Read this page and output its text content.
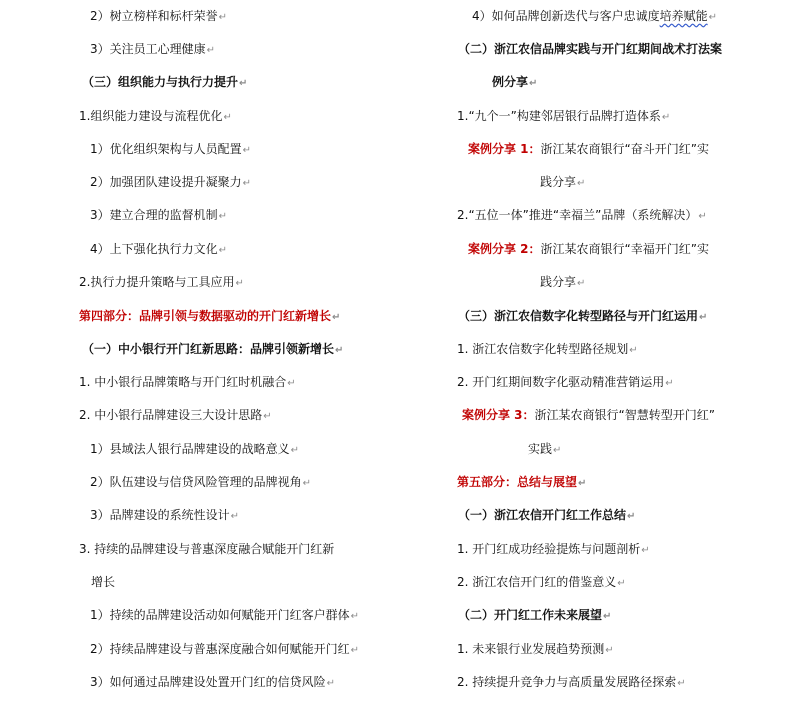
2）树立榜样和标杆荣誉↵
3）关注员工心理健康↵
（三）组织能力与执行力提升↵
1.组织能力建设与流程优化↵
1）优化组织架构与人员配置↵
2）加强团队建设提升凝聚力↵
3）建立合理的监督机制↵
4）上下强化执行力文化↵
2.执行力提升策略与工具应用↵
第四部分：品牌引领与数据驱动的开门红新增长↵
（一）中小银行开门红新思路：品牌引领新增长↵
1. 中小银行品牌策略与开门红时机融合↵
2. 中小银行品牌建设三大设计思路↵
1）县域法人银行品牌建设的战略意义↵
2）队伍建设与信贷风险管理的品牌视角↵
3）品牌建设的系统性设计↵
3. 持续的品牌建设与普惠深度融合赋能开门红新
增长
1）持续的品牌建设活动如何赋能开门红客户群体↵
2）持续品牌建设与普惠深度融合如何赋能开门红↵
3）如何通过品牌建设处置开门红的信贷风险↵
4）如何品牌创新迭代与客户忠诚度培养赋能↵
（二）浙江农信品牌实践与开门红期间战术打法案
例分享↵
1.“九个一”构建邻居银行品牌打造体系↵
案例分享 1：浙江某农商银行“奋斗开门红”实
践分享↵
2.“五位一体”推进“幸福兰”品牌（系统解决）↵
案例分享 2：浙江某农商银行“幸福开门红”实
践分享↵
（三）浙江农信数字化转型路径与开门红运用↵
1. 浙江农信数字化转型路径规划↵
2. 开门红期间数字化驱动精准营销运用↵
案例分享 3：浙江某农商银行“智慧转型开门红”
实践↵
第五部分：总结与展望↵
（一）浙江农信开门红工作总结↵
1. 开门红成功经验提炼与问题剖析↵
2. 浙江农信开门红的借鉴意义↵
（二）开门红工作未来展望↵
1. 未来银行业发展趋势预测↵
2. 持续提升竞争力与高质量发展路径探索↵
